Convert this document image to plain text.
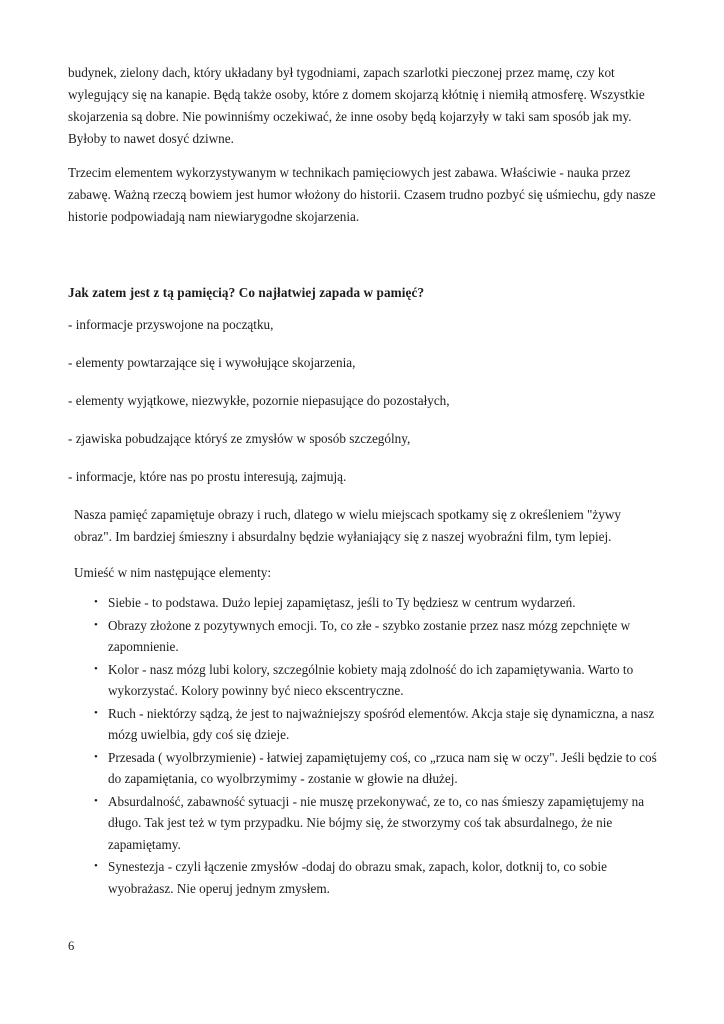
budynek, zielony dach, który układany był tygodniami, zapach szarlotki pieczonej przez mamę, czy kot wylegujący się na kanapie. Będą także osoby, które z domem skojarzą kłótnię i niemiłą atmosferę. Wszystkie skojarzenia są dobre. Nie powinniśmy oczekiwać, że inne osoby będą kojarzyły w taki sam sposób jak my. Byłoby to nawet dosyć dziwne.

Trzecim elementem wykorzystywanym w technikach pamięciowych jest zabawa. Właściwie - nauka przez zabawę. Ważną rzeczą bowiem jest humor włożony do historii. Czasem trudno pozbyć się uśmiechu, gdy nasze historie podpowiadają nam niewiarygodne skojarzenia.

Jak zatem jest z tą pamięcią? Co najłatwiej zapada w pamięć?

- informacje przyswojone na początku,

- elementy powtarzające się i wywołujące skojarzenia,

- elementy wyjątkowe, niezwykłe, pozornie niepasujące do pozostałych,

- zjawiska pobudzające któryś ze zmysłów w sposób szczególny,

- informacje, które nas po prostu interesują, zajmują.

Nasza pamięć zapamiętuje obrazy i ruch, dlatego w wielu miejscach spotkamy się z określeniem "żywy obraz". Im bardziej śmieszny i absurdalny będzie wyłaniający się z naszej wyobraźni film, tym lepiej.

Umieść w nim następujące elementy:

• Siebie - to podstawa. Dużo lepiej zapamiętasz, jeśli to Ty będziesz w centrum wydarzeń.
• Obrazy złożone z pozytywnych emocji. To, co złe - szybko zostanie przez nasz mózg zepchnięte w zapomnienie.
• Kolor - nasz mózg lubi kolory, szczególnie kobiety mają zdolność do ich zapamiętywania. Warto to wykorzystać. Kolory powinny być nieco ekscentryczne.
• Ruch - niektórzy sądzą, że jest to najważniejszy spośród elementów. Akcja staje się dynamiczna, a nasz mózg uwielbia, gdy coś się dzieje.
• Przesada ( wyolbrzymienie) - łatwiej zapamiętujemy coś, co „rzuca nam się w oczy". Jeśli będzie to coś do zapamiętania, co wyolbrzymimy - zostanie w głowie na dłużej.
• Absurdalność, zabawność sytuacji - nie muszę przekonywać, ze to, co nas śmieszy zapamiętujemy na długo. Tak jest też w tym przypadku. Nie bójmy się, że stworzymy coś tak absurdalnego, że nie zapamiętamy.
• Synestezja - czyli łączenie zmysłów -dodaj do obrazu smak, zapach, kolor, dotknij to, co sobie wyobrażasz. Nie operuj jednym zmysłem.
6
